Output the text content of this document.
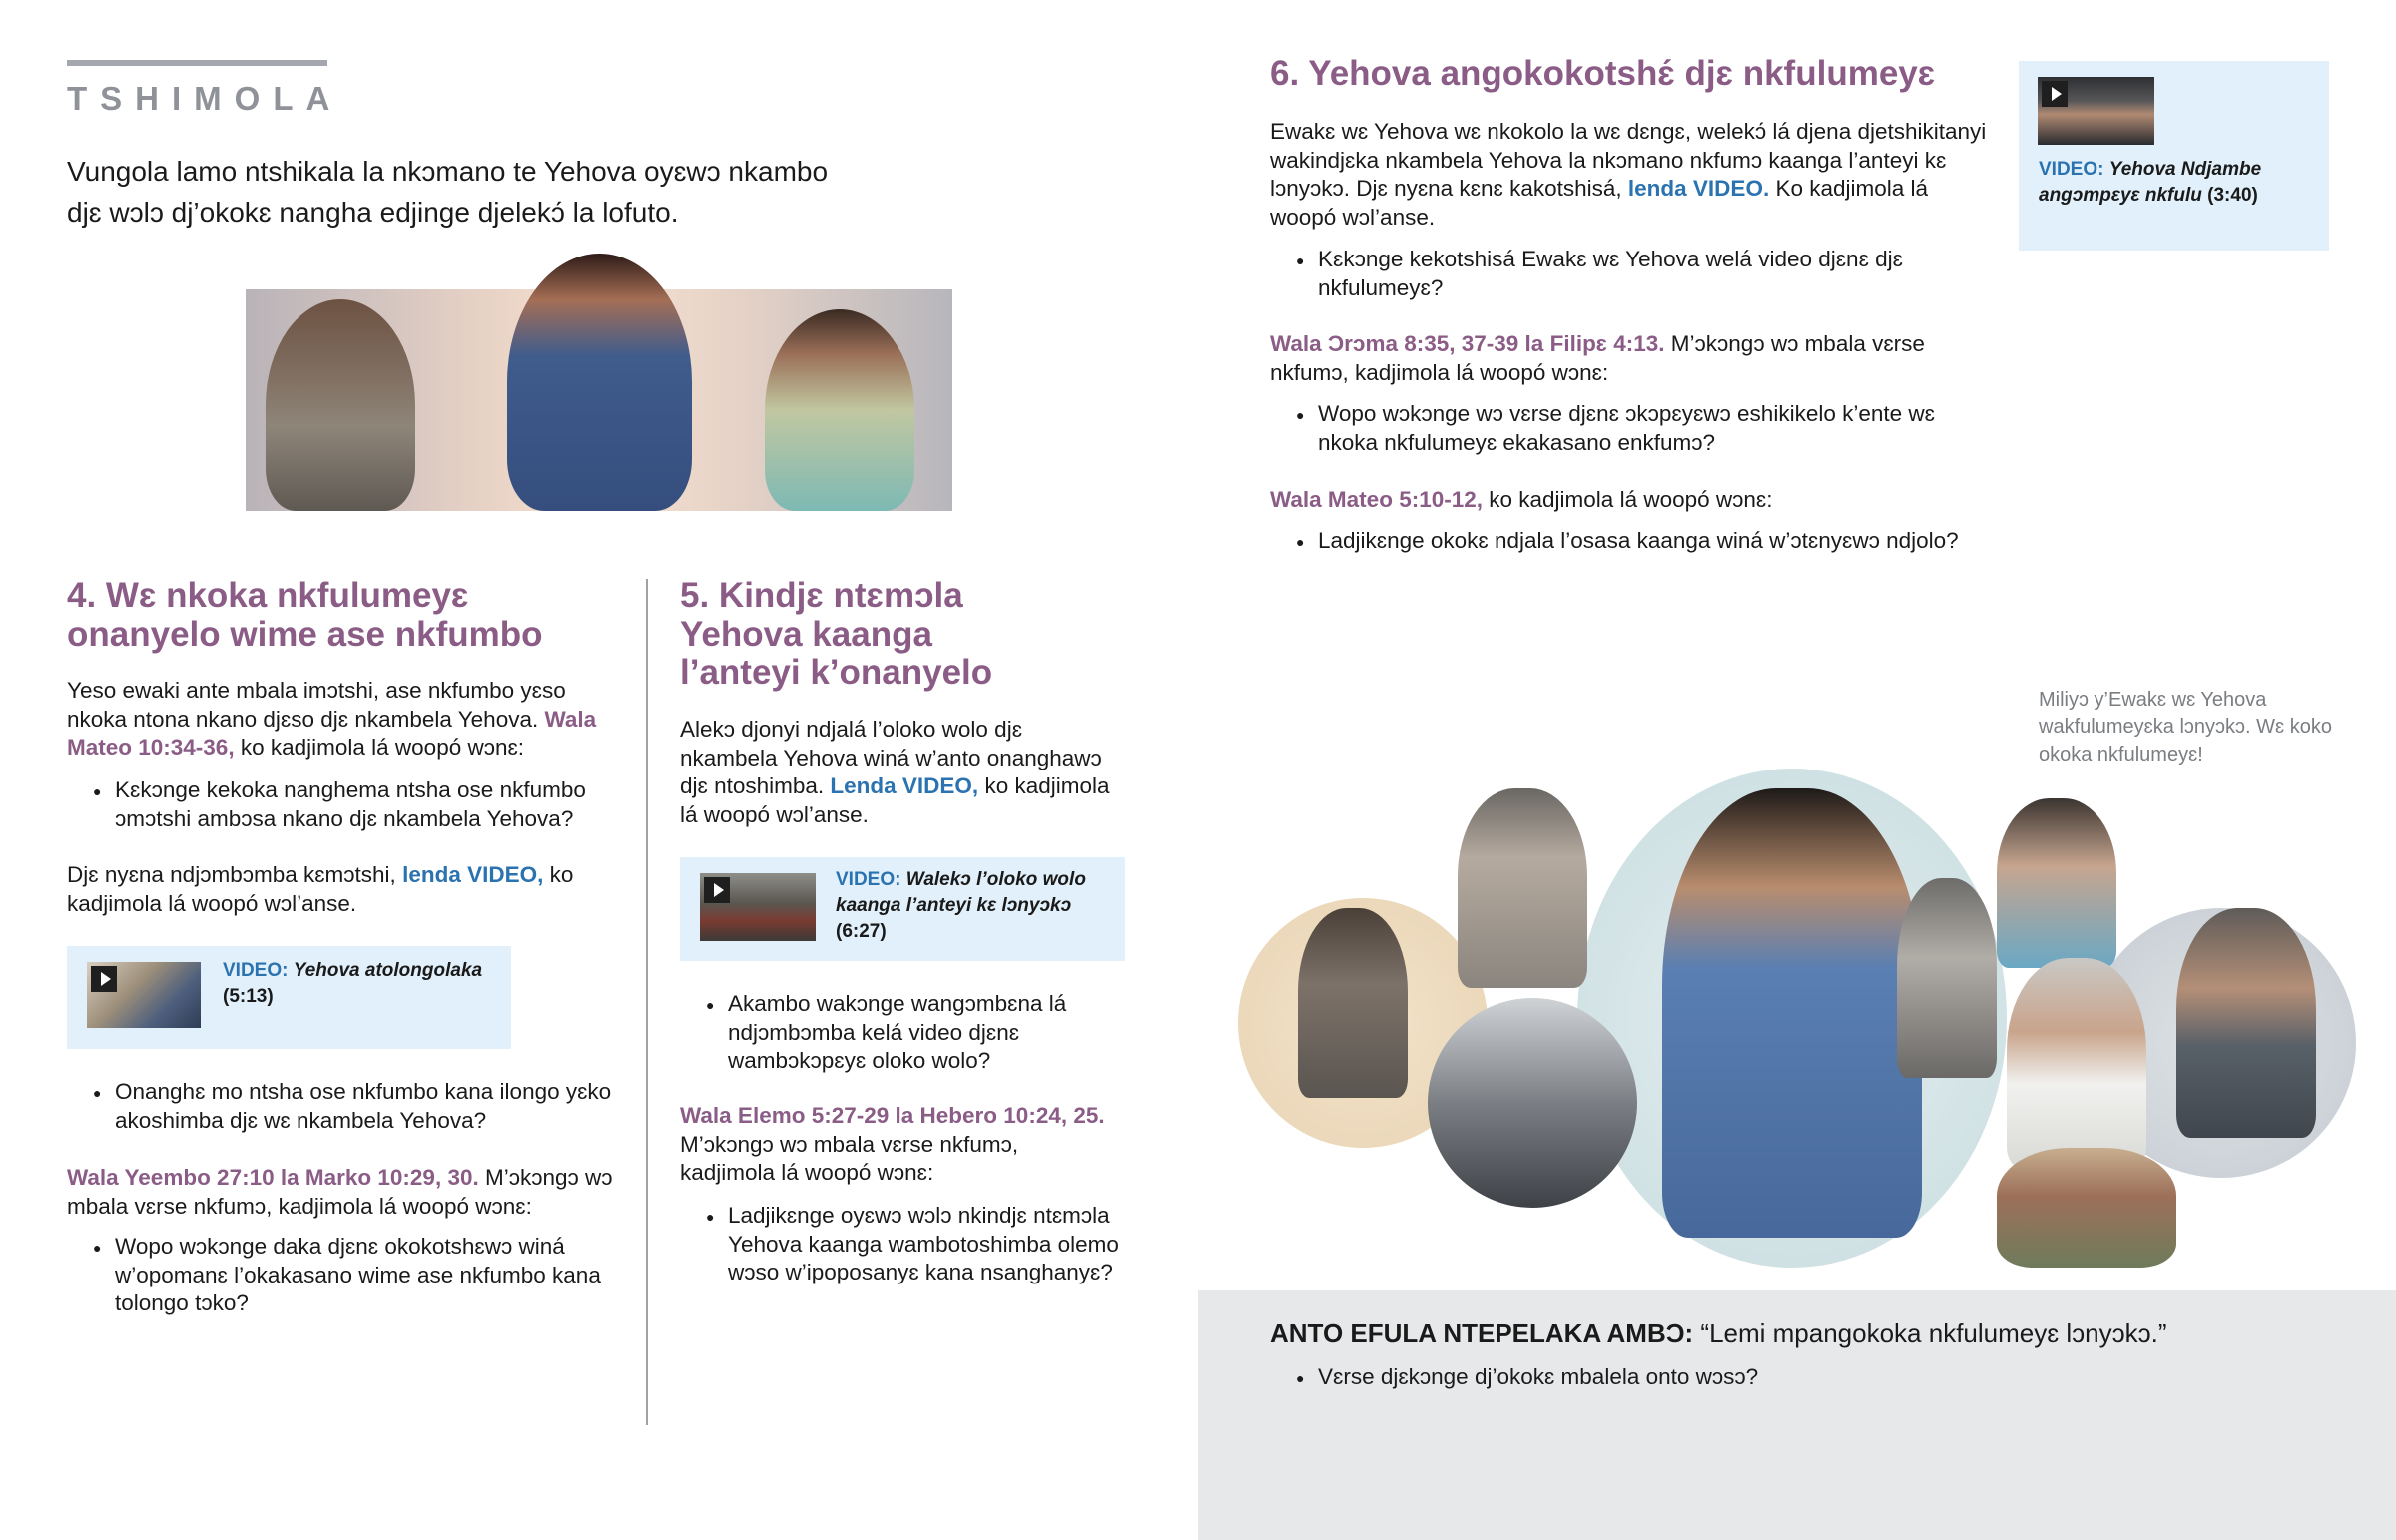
TSHIMOLA
Vungola lamo ntshikala la nkɔmano te Yehova oyɛwɔ nkambo djɛ wɔlɔ dj’okokɛ nangha edjinge djelekɔ́ la lofuto.
4. Wɛ nkoka nkfulumeyɛ onanyelo wime ase nkfumbo
Yeso ewaki ante mbala imɔtshi, ase nkfumbo yɛso nkoka ntona nkano djɛso djɛ nkambela Yehova. Wala Mateo 10:34-36, ko kadjimola lá woopó wɔnɛ:
● Kɛkɔnge kekoka nanghema ntsha ose nkfumbo ɔmɔtshi ambɔsa nkano djɛ nkambela Yehova?
Djɛ nyɛna ndjɔmbɔmba kɛmɔtshi, lenda VIDEO, ko kadjimola lá woopó wɔl’anse.
VIDEO: Yehova atolongolaka
(5:13)
● Onanghɛ mo ntsha ose nkfumbo kana ilongo yɛko akoshimba djɛ wɛ nkambela Yehova?
Wala Yeembo 27:10 la Marko 10:29, 30. M’ɔkɔngɔ wɔ mbala vɛrse nkfumɔ, kadjimola lá woopó wɔnɛ:
● Wopo wɔkɔnge daka djɛnɛ okokotshɛwɔ winá w’opomanɛ l’okakasano wime ase nkfumbo kana tolongo tɔko?
5. Kindjɛ ntɛmɔla Yehova kaanga l’anteyi k’onanyelo
Alekɔ djonyi ndjalá l’oloko wolo djɛ nkambela Yehova winá w’anto onanghawɔ djɛ ntoshimba. Lenda VIDEO, ko kadjimola lá woopó wɔl’anse.
VIDEO: Walekɔ l’oloko wolo kaanga l’anteyi kɛ lɔnyɔkɔ (6:27)
● Akambo wakɔnge wangɔmbɛna lá ndjɔmbɔmba kelá video djɛnɛ wambɔkɔpɛyɛ oloko wolo?
Wala Elemo 5:27-29 la Hebero 10:24, 25. M’ɔkɔngɔ wɔ mbala vɛrse nkfumɔ, kadjimola lá woopó wɔnɛ:
● Ladjikɛnge oyɛwɔ wɔlɔ nkindjɛ ntɛmɔla Yehova kaanga wambotoshimba olemo wɔso w’ipoposanyɛ kana nsanghanyɛ?
6. Yehova angokokotshɛ́ djɛ nkfulumeyɛ
Ewakɛ wɛ Yehova wɛ nkokolo la wɛ dɛngɛ, welekɔ́ lá djena djetshikitanyi wakindjɛka nkambela Yehova la nkɔmano nkfumɔ kaanga l’anteyi kɛ lɔnyɔkɔ. Djɛ nyɛna kɛnɛ kakotshisá, lenda VIDEO. Ko kadjimola lá woopó wɔl’anse.
● Kɛkɔnge kekotshisá Ewakɛ wɛ Yehova welá video djɛnɛ djɛ nkfulumeyɛ?
Wala Ɔrɔma 8:35, 37-39 la Filipɛ 4:13. M’ɔkɔngɔ wɔ mbala vɛrse nkfumɔ, kadjimola lá woopó wɔnɛ:
● Wopo wɔkɔnge wɔ vɛrse djɛnɛ ɔkɔpɛyɛwɔ eshikikelo k’ente wɛ nkoka nkfulumeyɛ ekakasano enkfumɔ?
Wala Mateo 5:10-12, ko kadjimola lá woopó wɔnɛ:
● Ladjikɛnge okokɛ ndjala l’osasa kaanga winá w’ɔtɛnyɛwɔ ndjolo?
VIDEO: Yehova Ndjambe angɔmpɛyɛ nkfulu (3:40)
Miliyɔ y’Ewakɛ wɛ Yehova wakfulumeyɛka lɔnyɔkɔ. Wɛ koko okoka nkfulumeyɛ!
ANTO EFULA NTEPELAKA AMBƆ: “Lemi mpangokoka nkfulumeyɛ lɔnyɔkɔ.”
● Vɛrse djɛkɔnge dj’okokɛ mbalela onto wɔsɔ?
